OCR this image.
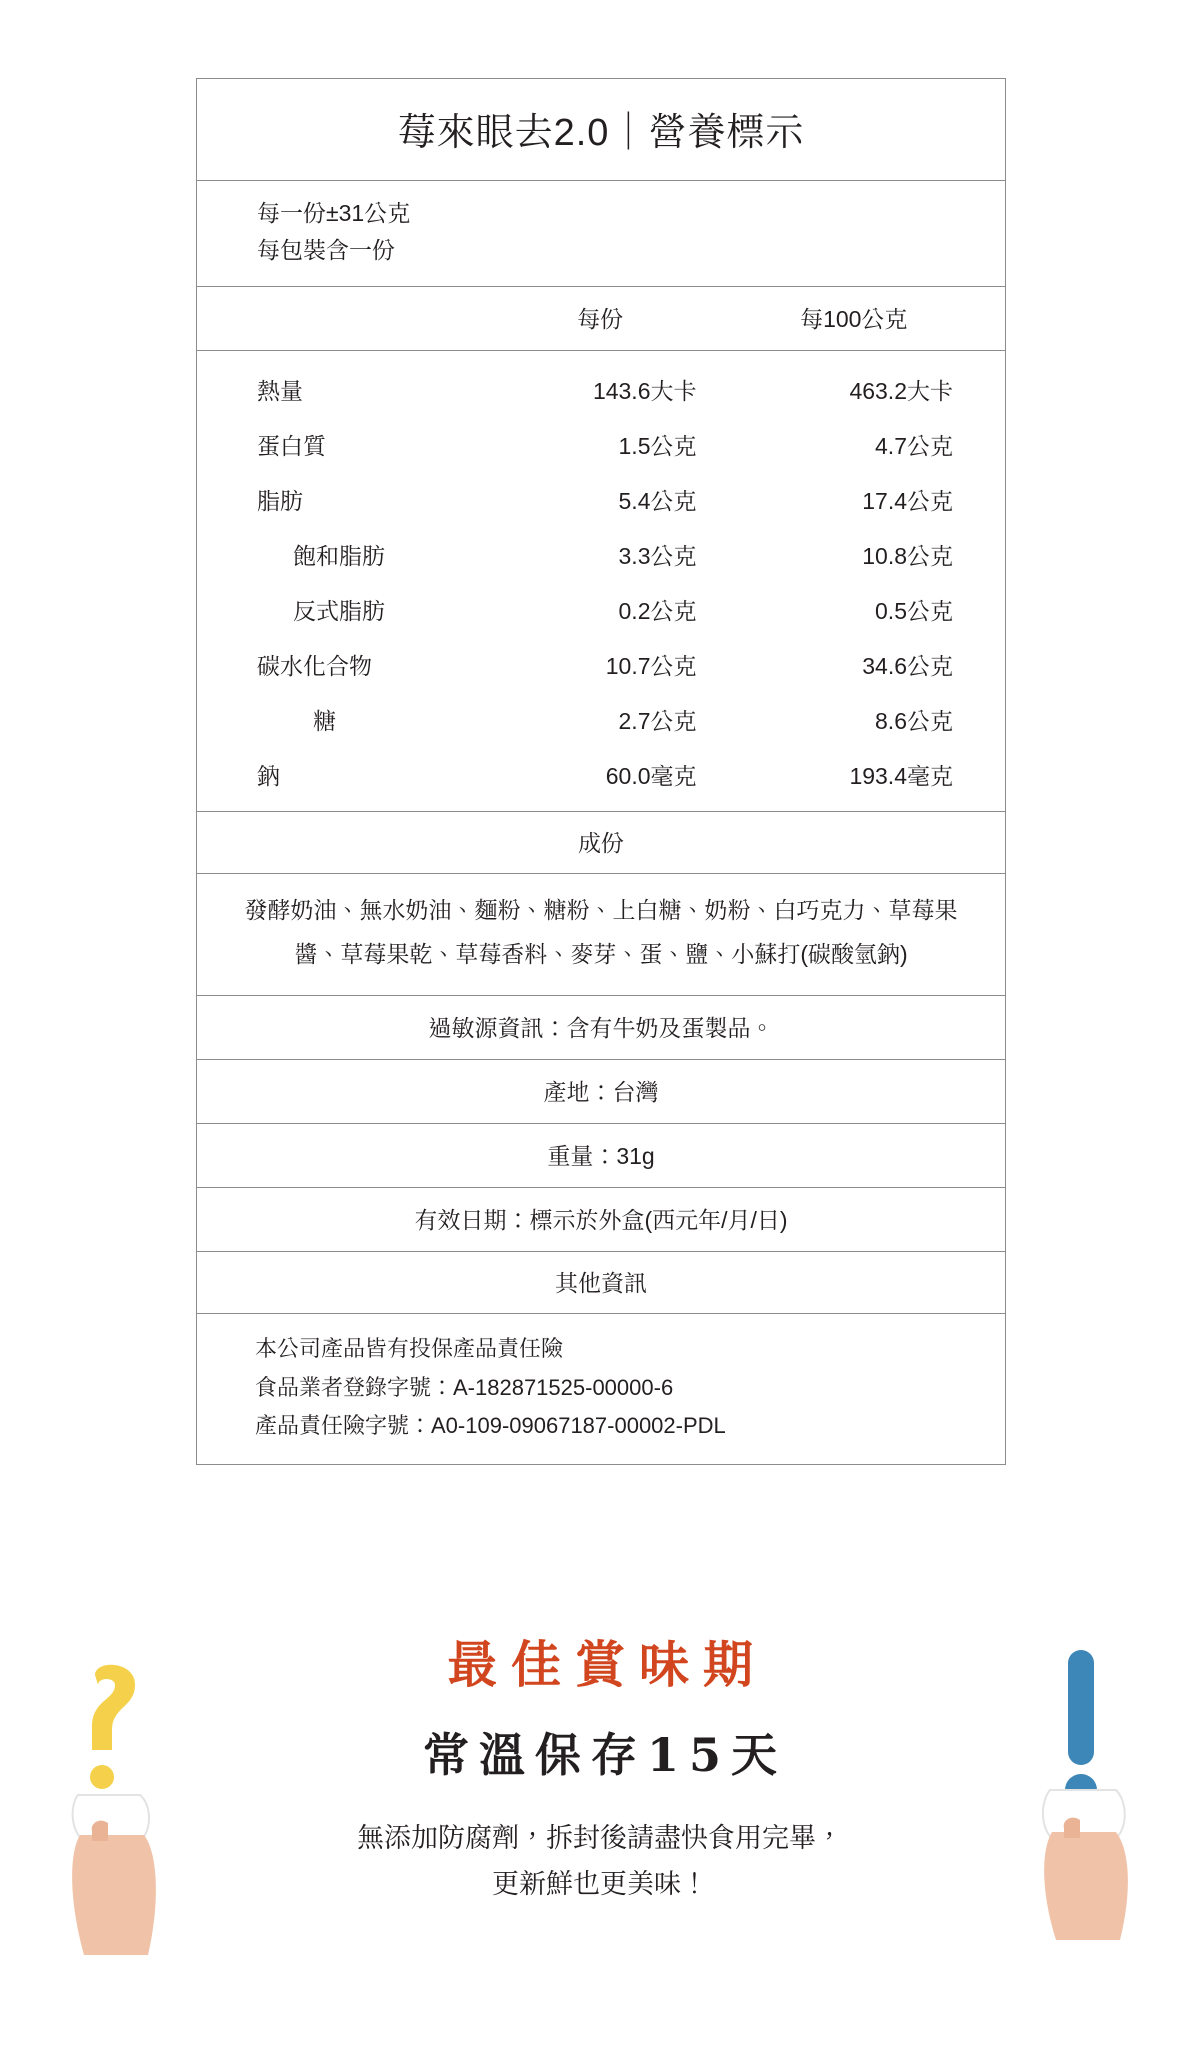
莓來眼去2.0｜營養標示
每一份±31公克
每包裝含一份
	每份	每100公克
熱量	143.6大卡	463.2大卡
蛋白質	1.5公克	4.7公克
脂肪	5.4公克	17.4公克
飽和脂肪	3.3公克	10.8公克
反式脂肪	0.2公克	0.5公克
碳水化合物	10.7公克	34.6公克
糖	2.7公克	8.6公克
鈉	60.0毫克	193.4毫克
成份
發酵奶油、無水奶油、麵粉、糖粉、上白糖、奶粉、白巧克力、草莓果醬、草莓果乾、草莓香料、麥芽、蛋、鹽、小蘇打(碳酸氫鈉)
過敏源資訊：含有牛奶及蛋製品。
產地：台灣
重量：31g
有效日期：標示於外盒(西元年/月/日)
其他資訊
本公司產品皆有投保產品責任險
食品業者登錄字號：A-182871525-00000-6
產品責任險字號：A0-109-09067187-00002-PDL
最佳賞味期
常溫保存15天
無添加防腐劑，拆封後請盡快食用完畢，
更新鮮也更美味！
